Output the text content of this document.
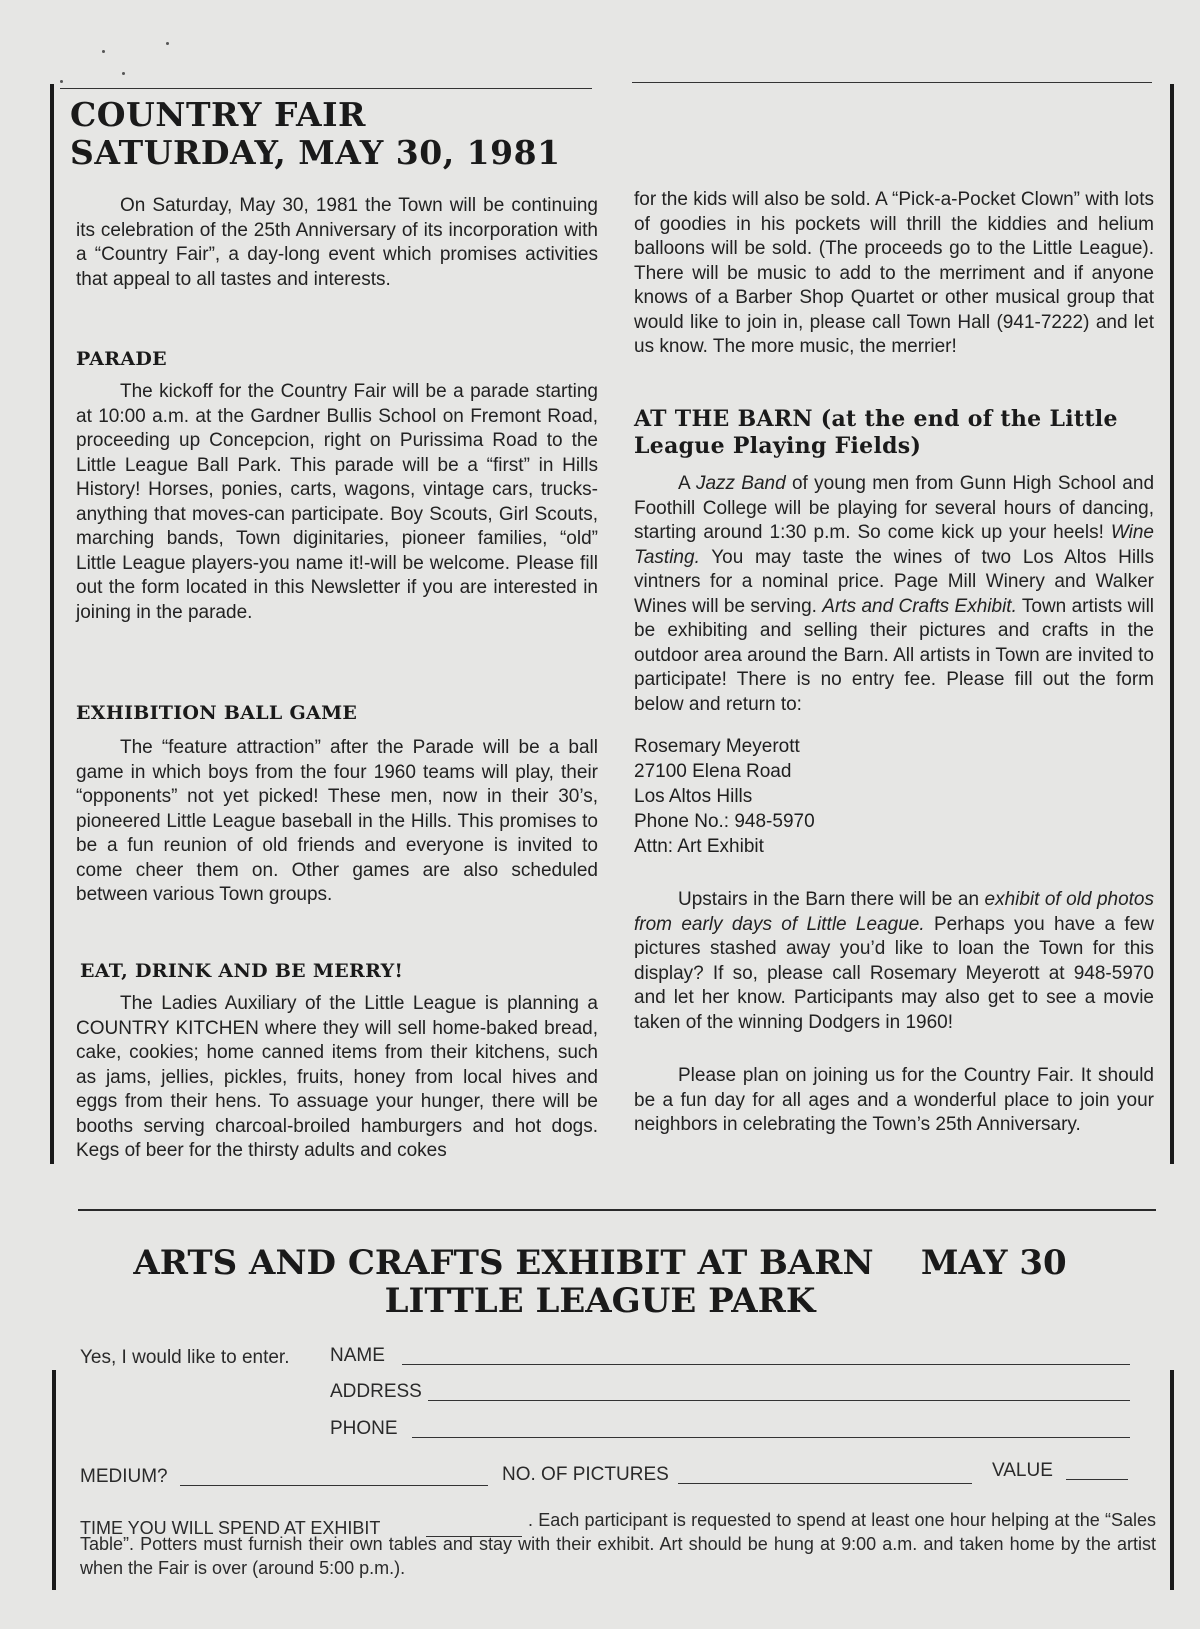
COUNTRY FAIR
SATURDAY, MAY 30, 1981

On Saturday, May 30, 1981 the Town will be continuing its celebration of the 25th Anniversary of its incorporation with a “Country Fair”, a day-long event which promises activities that appeal to all tastes and interests.

PARADE

The kickoff for the Country Fair will be a parade starting at 10:00 a.m. at the Gardner Bullis School on Fremont Road, proceeding up Concepcion, right on Purissima Road to the Little League Ball Park. This parade will be a “first” in Hills History! Horses, ponies, carts, wagons, vintage cars, trucks-anything that moves-can participate. Boy Scouts, Girl Scouts, marching bands, Town diginitaries, pioneer families, “old” Little League players-you name it!-will be welcome. Please fill out the form located in this Newsletter if you are interested in joining in the parade.

EXHIBITION BALL GAME

The “feature attraction” after the Parade will be a ball game in which boys from the four 1960 teams will play, their “opponents” not yet picked! These men, now in their 30’s, pioneered Little League baseball in the Hills. This promises to be a fun reunion of old friends and everyone is invited to come cheer them on. Other games are also scheduled between various Town groups.

EAT, DRINK AND BE MERRY!

The Ladies Auxiliary of the Little League is planning a COUNTRY KITCHEN where they will sell home-baked bread, cake, cookies; home canned items from their kitchens, such as jams, jellies, pickles, fruits, honey from local hives and eggs from their hens. To assuage your hunger, there will be booths serving charcoal-broiled hamburgers and hot dogs. Kegs of beer for the thirsty adults and cokes

for the kids will also be sold. A “Pick-a-Pocket Clown” with lots of goodies in his pockets will thrill the kiddies and helium balloons will be sold. (The proceeds go to the Little League). There will be music to add to the merriment and if anyone knows of a Barber Shop Quartet or other musical group that would like to join in, please call Town Hall (941-7222) and let us know. The more music, the merrier!

AT THE BARN (at the end of the Little
League Playing Fields)

A Jazz Band of young men from Gunn High School and Foothill College will be playing for several hours of dancing, starting around 1:30 p.m. So come kick up your heels! Wine Tasting. You may taste the wines of two Los Altos Hills vintners for a nominal price. Page Mill Winery and Walker Wines will be serving. Arts and Crafts Exhibit. Town artists will be exhibiting and selling their pictures and crafts in the outdoor area around the Barn. All artists in Town are invited to participate! There is no entry fee. Please fill out the form below and return to:

Rosemary Meyerott
27100 Elena Road
Los Altos Hills
Phone No.: 948-5970
Attn: Art Exhibit

Upstairs in the Barn there will be an exhibit of old photos from early days of Little League. Perhaps you have a few pictures stashed away you’d like to loan the Town for this display? If so, please call Rosemary Meyerott at 948-5970 and let her know. Participants may also get to see a movie taken of the winning Dodgers in 1960!

Please plan on joining us for the Country Fair. It should be a fun day for all ages and a wonderful place to join your neighbors in celebrating the Town’s 25th Anniversary.

ARTS AND CRAFTS EXHIBIT AT BARN    MAY 30
LITTLE LEAGUE PARK
Yes, I would like to enter. NAME
ADDRESS
PHONE
MEDIUM?	NO. OF PICTURES	VALUE
TIME YOU WILL SPEND AT EXHIBIT	. Each participant is requested to spend at least one hour helping at the “Sales Table”. Potters must furnish their own tables and stay with their exhibit. Art should be hung at 9:00 a.m. and taken home by the artist when the Fair is over (around 5:00 p.m.).
